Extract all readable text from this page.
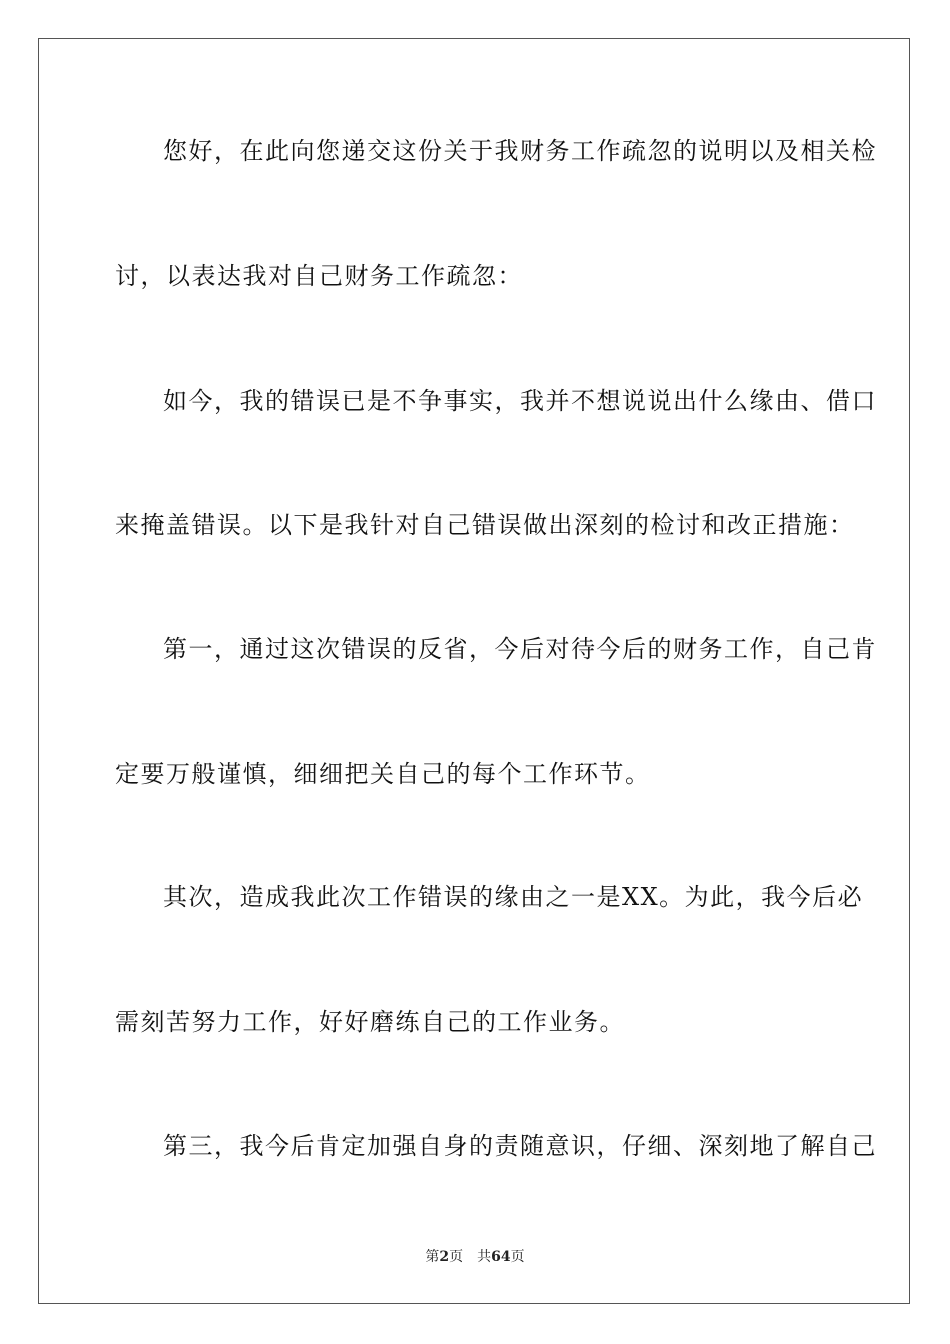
您好，在此向您递交这份关于我财务工作疏忽的说明以及相关检
讨，以表达我对自己财务工作疏忽：
如今，我的错误已是不争事实，我并不想说说出什么缘由、借口
来掩盖错误。以下是我针对自己错误做出深刻的检讨和改正措施：
第一，通过这次错误的反省，今后对待今后的财务工作，自己肯
定要万般谨慎，细细把关自己的每个工作环节。
其次，造成我此次工作错误的缘由之一是XX。为此，我今后必
需刻苦努力工作，好好磨练自己的工作业务。
第三，我今后肯定加强自身的责随意识，仔细、深刻地了解自己
第2页 共64页
